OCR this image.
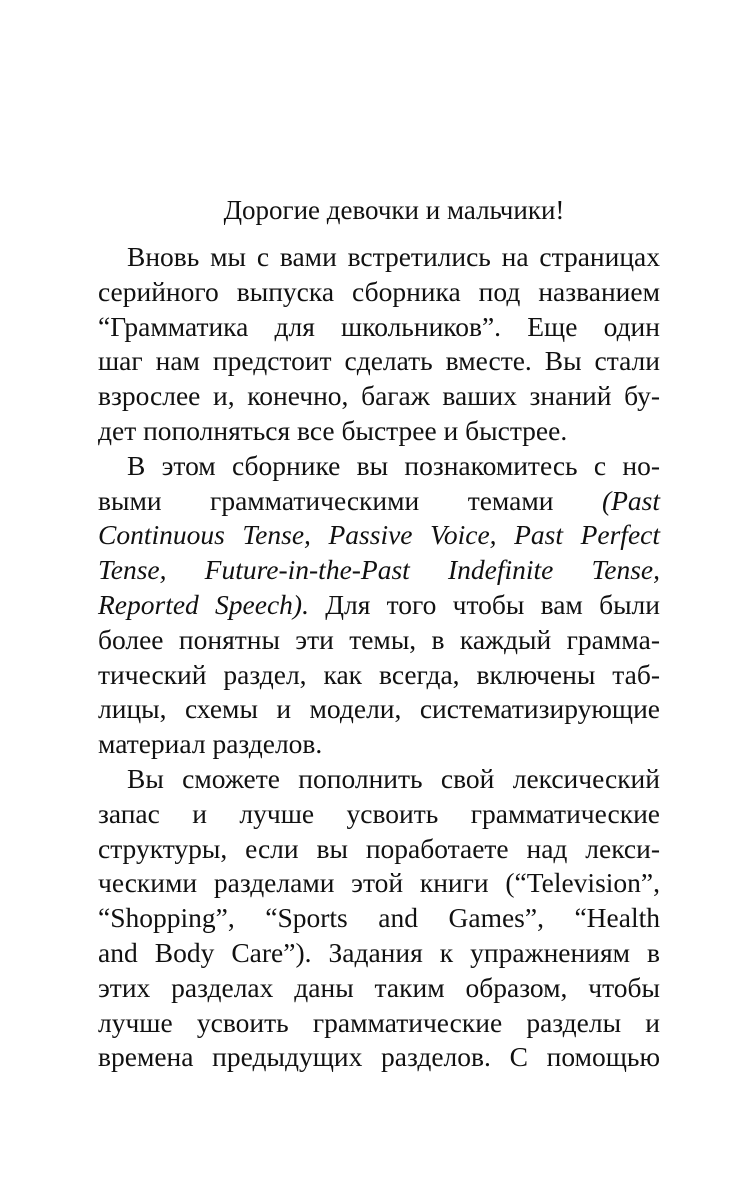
Дорогие девочки и мальчики!
Вновь мы с вами встретились на страницах
серийного выпуска сборника под названием
“Грамматика для школьников”. Еще один
шаг нам предстоит сделать вместе. Вы стали
взрослее и, конечно, багаж ваших знаний бу-
дет пополняться все быстрее и быстрее.
В этом сборнике вы познакомитесь с но-
выми грамматическими темами (Past
Continuous Tense, Passive Voice, Past Perfect
Tense, Future-in-the-Past Indefinite Tense,
Reported Speech). Для того чтобы вам были
более понятны эти темы, в каждый граммa-
тический раздел, как всегда, включены таб-
лицы, схемы и модели, систематизирующие
материал разделов.
Вы сможете пополнить свой лексический
запас и лучше усвоить грамматические
структуры, если вы поработаете над лекси-
ческими разделами этой книги (“Television”,
“Shopping”, “Sports and Games”, “Health
and Body Care”). Задания к упражнениям в
этих разделах даны таким образом, чтобы
лучше усвоить грамматические разделы и
времена предыдущих разделов. С помощью
